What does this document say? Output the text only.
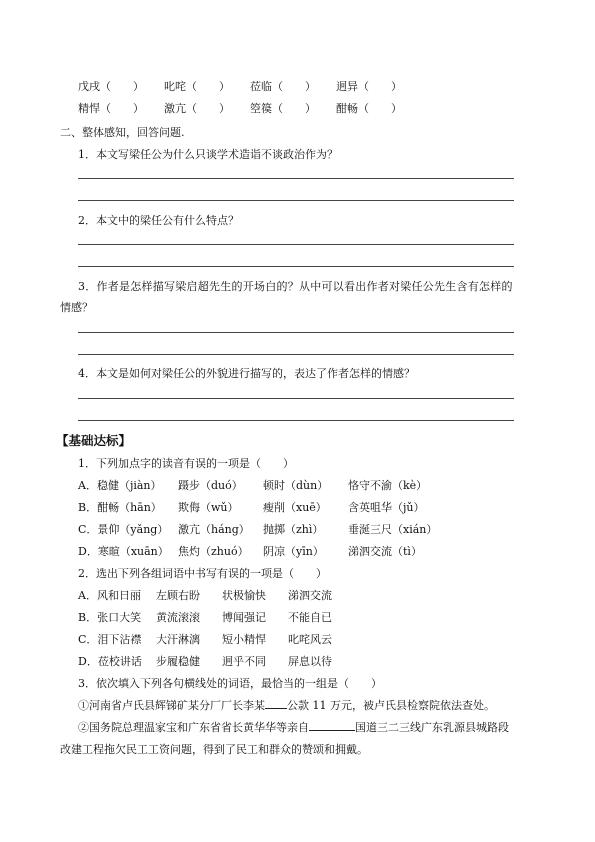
戊戌（　　）	叱咤（　　）	莅临（　　）	迥异（　　）
精悍（　　）	激亢（　　）	箜篌（　　）	酣畅（　　）
二、整体感知，回答问题.
1．本文写梁任公为什么只谈学术造诣不谈政治作为？
2．本文中的梁任公有什么特点？
3．作者是怎样描写梁启超先生的开场白的？从中可以看出作者对梁任公先生含有怎样的
情感？
4．本文是如何对梁任公的外貌进行描写的，表达了作者怎样的情感？
【基础达标】
1．下列加点字的读音有误的一项是（　　）
A．稳健（jiàn）	蹑步（duó）	顿时（dùn）	恪守不渝（kè）
B．酣畅（hān）	欺侮（wǔ）	瘦削（xuē）	含英咀华（jǔ）
C．景仰（yǎng） 激亢（háng）	抛掷（zhì）	垂涎三尺（xián）
D．寒暄（xuān） 焦灼（zhuó）	阴凉（yīn）	涕泗交流（tì）
2．选出下列各组词语中书写有误的一项是（　　）
A．风和日丽	左顾右盼	状极愉快	涕泗交流
B．张口大笑	黄流滚滚	博闻强记	不能自已
C．泪下沾襟	大汗淋漓	短小精悍	叱咤风云
D．莅校讲话	步履稳健	迥乎不同	屏息以待
3．依次填入下列各句横线处的词语，最恰当的一组是（　　）
①河南省卢氏县辉锑矿某分厂厂长李某 公款 11 万元，被卢氏县检察院依法查处。
②国务院总理温家宝和广东省省长黄华华等亲自	国道三二三线广东乳源县城路段
改建工程拖欠民工工资问题，得到了民工和群众的赞颂和拥戴。
